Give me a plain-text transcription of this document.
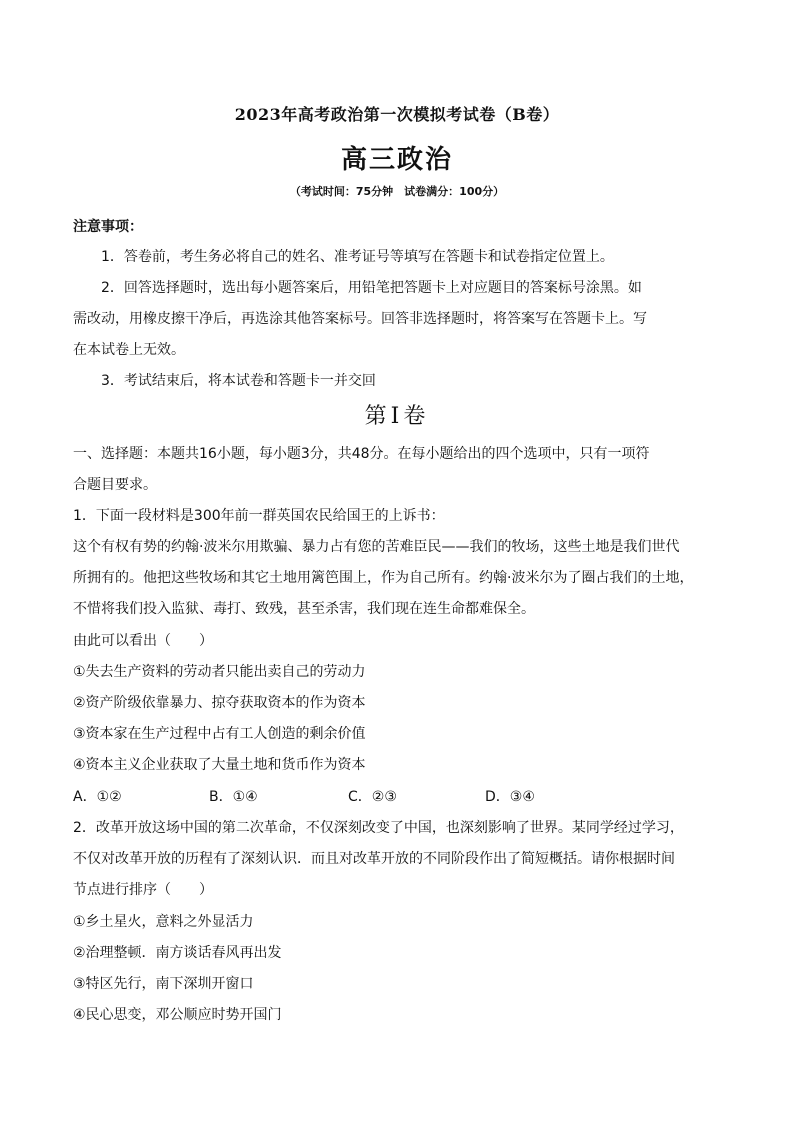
2023年高考政治第一次模拟考试卷（B卷）
高三政治
（考试时间：75分钟　试卷满分：100分）
注意事项：
1．答卷前，考生务必将自己的姓名、准考证号等填写在答题卡和试卷指定位置上。
2．回答选择题时，选出每小题答案后，用铅笔把答题卡上对应题目的答案标号涂黑。如
需改动，用橡皮擦干净后，再选涂其他答案标号。回答非选择题时，将答案写在答题卡上。写
在本试卷上无效。
3．考试结束后，将本试卷和答题卡一并交回
第Ⅰ卷
一、选择题：本题共16小题，每小题3分，共48分。在每小题给出的四个选项中，只有一项符
合题目要求。
1．下面一段材料是300年前一群英国农民给国王的上诉书：
这个有权有势的约翰·波米尔用欺骗、暴力占有您的苦难臣民——我们的牧场，这些土地是我们世代
所拥有的。他把这些牧场和其它土地用篱笆围上，作为自己所有。约翰·波米尔为了圈占我们的土地，
不惜将我们投入监狱、毒打、致残，甚至杀害，我们现在连生命都难保全。
由此可以看出（　　）
①失去生产资料的劳动者只能出卖自己的劳动力
②资产阶级依靠暴力、掠夺获取资本的作为资本
③资本家在生产过程中占有工人创造的剩余价值
④资本主义企业获取了大量土地和货币作为资本
A．①②	B．①④	C．②③	D．③④
2．改革开放这场中国的第二次革命，不仅深刻改变了中国，也深刻影响了世界。某同学经过学习，
不仅对改革开放的历程有了深刻认识．而且对改革开放的不同阶段作出了简短概括。请你根据时间
节点进行排序（　　）
①乡土星火，意料之外显活力
②治理整顿．南方谈话春风再出发
③特区先行，南下深圳开窗口
④民心思变，邓公顺应时势开国门
